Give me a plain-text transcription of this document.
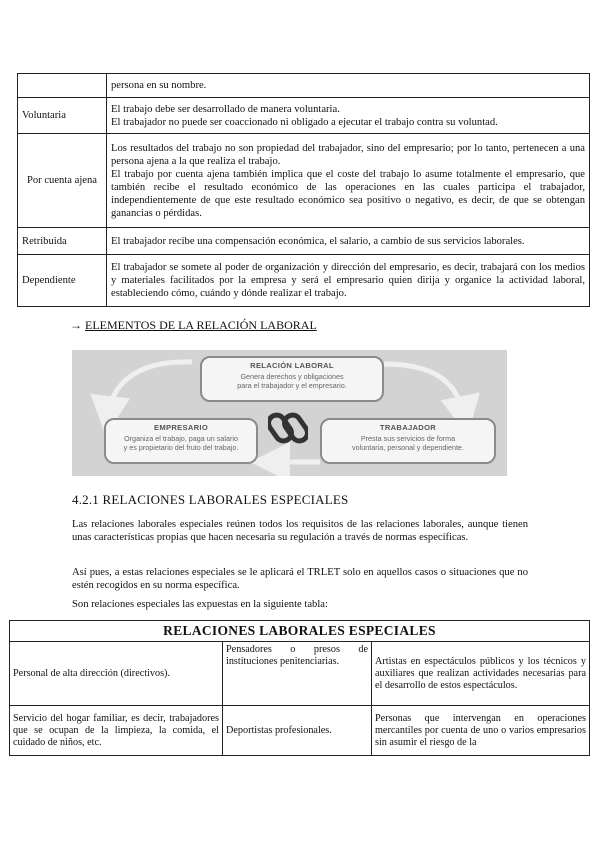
	persona en su nombre.
Voluntaria	El trabajo debe ser desarrollado de manera voluntaria.
El trabajador no puede ser coaccionado ni obligado a ejecutar el trabajo contra su voluntad.

Por cuenta ajena	Los resultados del trabajo no son propiedad del trabajador, sino del empresario; por lo tanto, pertenecen a una persona ajena a la que realiza el trabajo.
El trabajo por cuenta ajena también implica que el coste del trabajo lo asume totalmente el empresario, que también recibe el resultado económico de las operaciones en las cuales participa el trabajador, independientemente de que este resultado económico sea positivo o negativo, es decir, de que se obtengan ganancias o pérdidas.

Retribuida	El trabajador recibe una compensación económica, el salario, a cambio de sus servicios laborales.
Dependiente	El trabajador se somete al poder de organización y dirección del empresario, es decir, trabajará con los medios y materiales facilitados por la empresa y será el empresario quien dirija y organice la actividad laboral, estableciendo cómo, cuándo y dónde realizar el trabajo.
→ ELEMENTOS DE LA RELACIÓN LABORAL
RELACIÓN LABORAL
Genera derechos y obligaciones
para el trabajador y el empresario.
EMPRESARIO
Organiza el trabajo, paga un salario
y es propietario del fruto del trabajo.
TRABAJADOR
Presta sus servicios de forma
voluntaria, personal y dependiente.
4.2.1 RELACIONES LABORALES ESPECIALES
Las relaciones laborales especiales reúnen todos los requisitos de las relaciones laborales, aunque tienen unas características propias que hacen necesaria su regulación a través de normas específicas.
Así pues, a estas relaciones especiales se le aplicará el TRLET solo en aquellos casos o situaciones que no estén recogidos en su norma específica.
Son relaciones especiales las expuestas en la siguiente tabla:
RELACIONES LABORALES ESPECIALES		
Personal de alta dirección (directivos).	Pensadores o presos de instituciones penitenciarias.	Artistas en espectáculos públicos y los técnicos y auxiliares que realizan actividades necesarias para el desarrollo de estos espectáculos.
Servicio del hogar familiar, es decir, trabajadores que se ocupan de la limpieza, la comida, el cuidado de niños, etc.	Deportistas profesionales.	Personas que intervengan en operaciones mercantiles por cuenta de uno o varios empresarios sin asumir el riesgo de la
